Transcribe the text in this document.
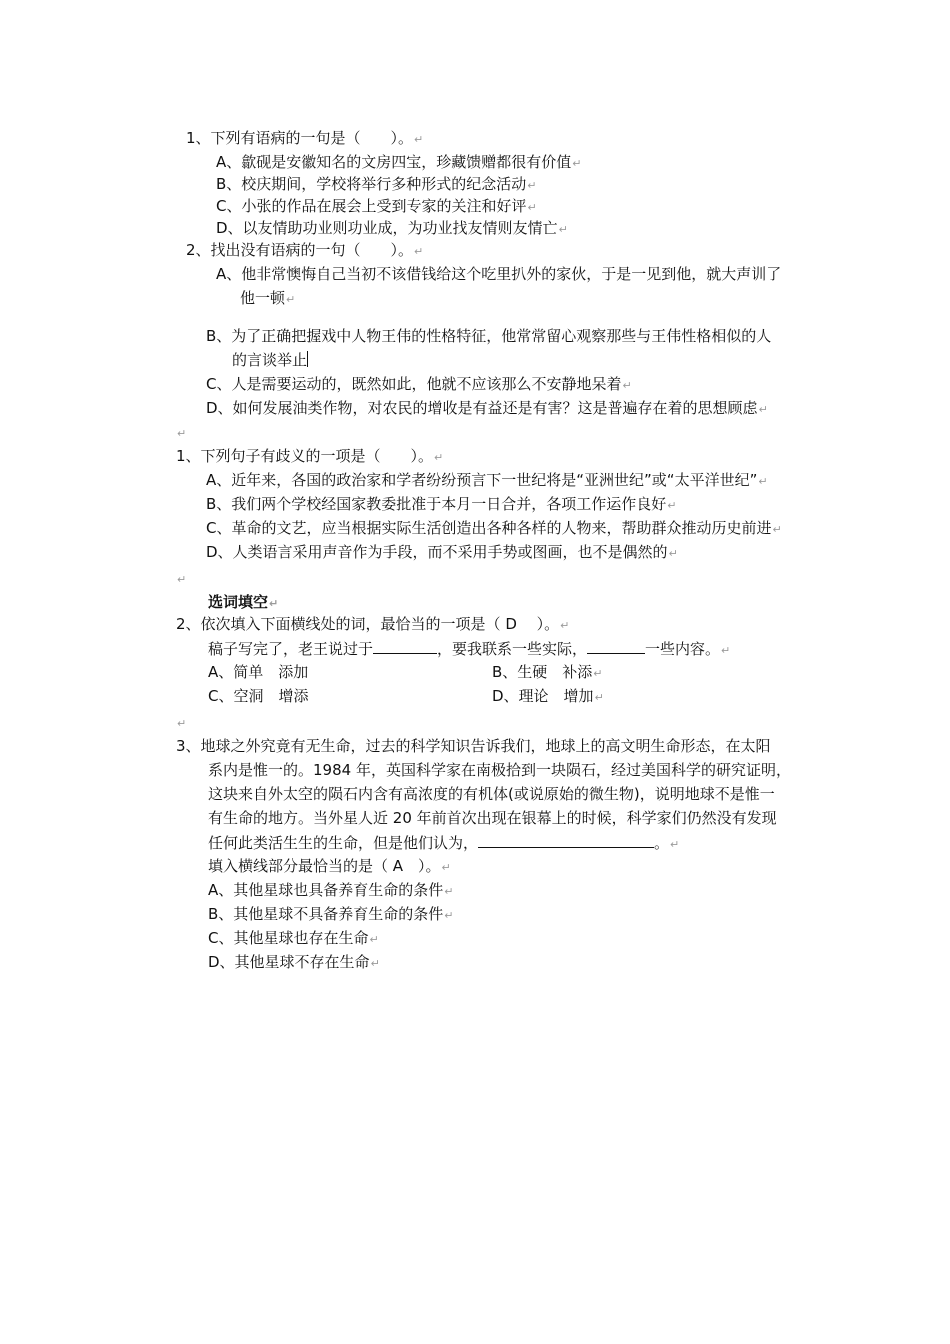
1、下列有语病的一句是（　　）。↵
A、歙砚是安徽知名的文房四宝，珍藏馈赠都很有价值↵
B、校庆期间，学校将举行多种形式的纪念活动↵
C、小张的作品在展会上受到专家的关注和好评↵
D、以友情助功业则功业成，为功业找友情则友情亡↵
2、找出没有语病的一句（　　）。↵
A、他非常懊悔自己当初不该借钱给这个吃里扒外的家伙，于是一见到他，就大声训了
他一顿↵
B、为了正确把握戏中人物王伟的性格特征，他常常留心观察那些与王伟性格相似的人
的言谈举止
C、人是需要运动的，既然如此，他就不应该那么不安静地呆着↵
D、如何发展油类作物，对农民的增收是有益还是有害？这是普遍存在着的思想顾虑↵
↵
1、下列句子有歧义的一项是（　　）。↵
A、近年来，各国的政治家和学者纷纷预言下一世纪将是“亚洲世纪”或“太平洋世纪”↵
B、我们两个学校经国家教委批准于本月一日合并，各项工作运作良好↵
C、革命的文艺，应当根据实际生活创造出各种各样的人物来，帮助群众推动历史前进↵
D、人类语言采用声音作为手段，而不采用手势或图画，也不是偶然的↵
↵
选词填空↵
2、依次填入下面横线处的词，最恰当的一项是（ D　 ）。↵
稿子写完了，老王说过于	，要我联系一些实际，	一些内容。↵
A、简单　添加	B、生硬　补添↵
C、空洞　增添	D、理论　增加↵
↵
3、地球之外究竟有无生命，过去的科学知识告诉我们，地球上的高文明生命形态，在太阳
系内是惟一的。1984 年，英国科学家在南极拾到一块陨石，经过美国科学的研究证明，
这块来自外太空的陨石内含有高浓度的有机体(或说原始的微生物)，说明地球不是惟一
有生命的地方。当外星人近 20 年前首次出现在银幕上的时候，科学家们仍然没有发现
任何此类活生生的生命，但是他们认为，	。↵
填入横线部分最恰当的是（ A　）。↵
A、其他星球也具备养育生命的条件↵
B、其他星球不具备养育生命的条件↵
C、其他星球也存在生命↵
D、其他星球不存在生命↵
